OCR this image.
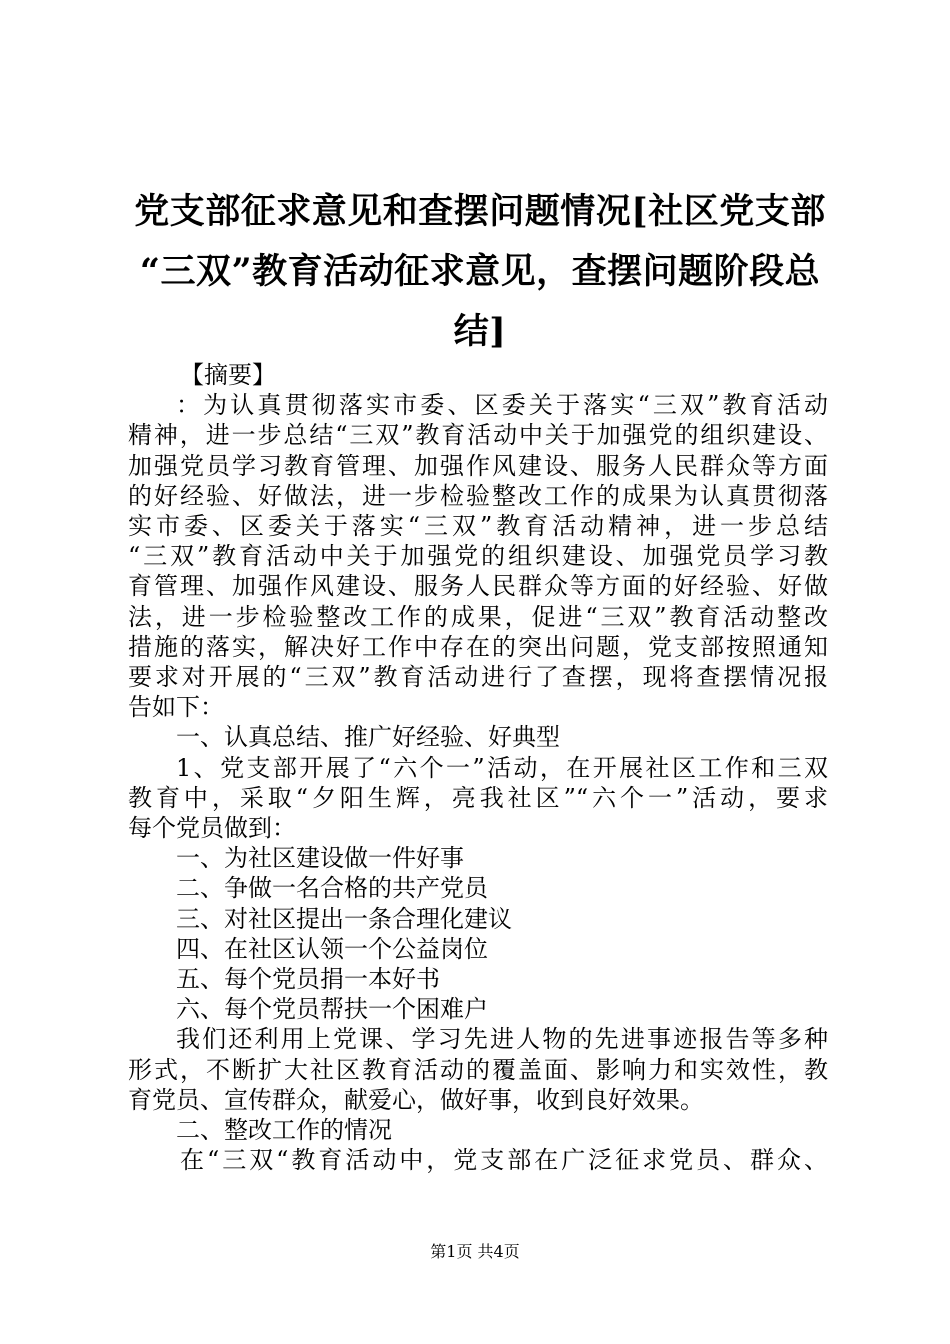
党支部征求意见和查摆问题情况[社区党支部
“三双”教育活动征求意见，查摆问题阶段总
结]

【摘要】

：为认真贯彻落实市委、区委关于落实“三双”教育活动

精神，进一步总结“三双”教育活动中关于加强党的组织建设、

加强党员学习教育管理、加强作风建设、服务人民群众等方面

的好经验、好做法，进一步检验整改工作的成果为认真贯彻落

实市委、区委关于落实“三双”教育活动精神，进一步总结

“三双”教育活动中关于加强党的组织建设、加强党员学习教

育管理、加强作风建设、服务人民群众等方面的好经验、好做

法，进一步检验整改工作的成果，促进“三双”教育活动整改

措施的落实，解决好工作中存在的突出问题，党支部按照通知

要求对开展的“三双”教育活动进行了查摆，现将查摆情况报

告如下：

一、认真总结、推广好经验、好典型

1、党支部开展了“六个一”活动，在开展社区工作和三双

教育中，采取“夕阳生辉，亮我社区”“六个一”活动，要求

每个党员做到：

一、为社区建设做一件好事

二、争做一名合格的共产党员

三、对社区提出一条合理化建议

四、在社区认领一个公益岗位

五、每个党员捐一本好书

六、每个党员帮扶一个困难户

我们还利用上党课、学习先进人物的先进事迹报告等多种

形式，不断扩大社区教育活动的覆盖面、影响力和实效性，教

育党员、宣传群众，献爱心，做好事，收到良好效果。

二、整改工作的情况

在“三双“教育活动中，党支部在广泛征求党员、群众、

第1页 共4页
